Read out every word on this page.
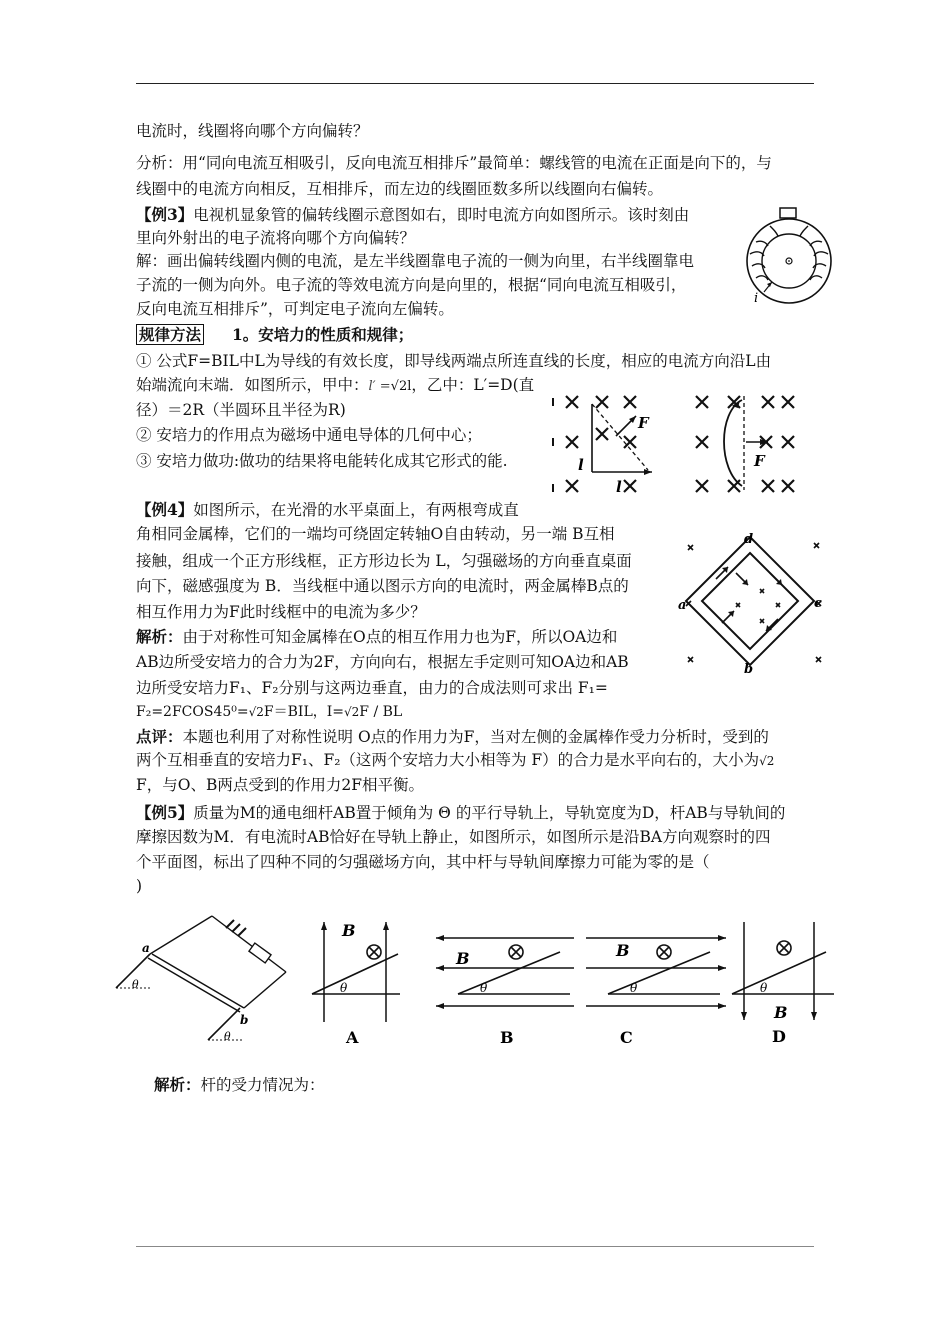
电流时，线圈将向哪个方向偏转？
分析：用“同向电流互相吸引，反向电流互相排斥”最简单：螺线管的电流在正面是向下的，与
线圈中的电流方向相反，互相排斥，而左边的线圈匝数多所以线圈向右偏转。
【例3】电视机显象管的偏转线圈示意图如右，即时电流方向如图所示。该时刻由
里向外射出的电子流将向哪个方向偏转？
解：画出偏转线圈内侧的电流，是左半线圈靠电子流的一侧为向里，右半线圈靠电
子流的一侧为向外。电子流的等效电流方向是向里的，根据“同向电流互相吸引，
反向电流互相排斥”，可判定电子流向左偏转。
i
规律方法 1。安培力的性质和规律；
① 公式F=BIL中L为导线的有效长度，即导线两端点所连直线的长度，相应的电流方向沿L由
始端流向末端．如图所示，甲中：l′ =√2l，乙中：L′=D(直
径）＝2R（半圆环且半径为R)
② 安培力的作用点为磁场中通电导体的几何中心；
③ 安培力做功:做功的结果将电能转化成其它形式的能.
F
l
l
F
【例4】如图所示，在光滑的水平桌面上，有两根弯成直
角相同金属棒，它们的一端均可绕固定转轴O自由转动，另一端 B互相
接触，组成一个正方形线框，正方形边长为 L，匀强磁场的方向垂直桌面
向下，磁感强度为 B．当线框中通以图示方向的电流时，两金属棒B点的
相互作用力为F此时线框中的电流为多少？
解析：由于对称性可知金属棒在O点的相互作用力也为F，所以OA边和
AB边所受安培力的合力为2F，方向向右，根据左手定则可知OA边和AB
边所受安培力F₁、F₂分别与这两边垂直，由力的合成法则可求出 F₁=
F₂=2FCOS45⁰=√2F＝BIL，I=√2F / BL
d
a	c
b
点评：本题也利用了对称性说明 O点的作用力为F，当对左侧的金属棒作受力分析时，受到的
两个互相垂直的安培力F₁、F₂（这两个安培力大小相等为 F）的合力是水平向右的，大小为√2
F，与O、B两点受到的作用力2F相平衡。
【例5】质量为M的通电细杆AB置于倾角为 Θ 的平行导轨上，导轨宽度为D，杆AB与导轨间的
摩擦因数为Μ．有电流时AB恰好在导轨上静止，如图所示，如图所示是沿BA方向观察时的四
个平面图，标出了四种不同的匀强磁场方向，其中杆与导轨间摩擦力可能为零的是（
)
a
b
θ
θ
B
θ
A
B
θ
B
B
θ
C
θ
B
D
解析：杆的受力情况为：
